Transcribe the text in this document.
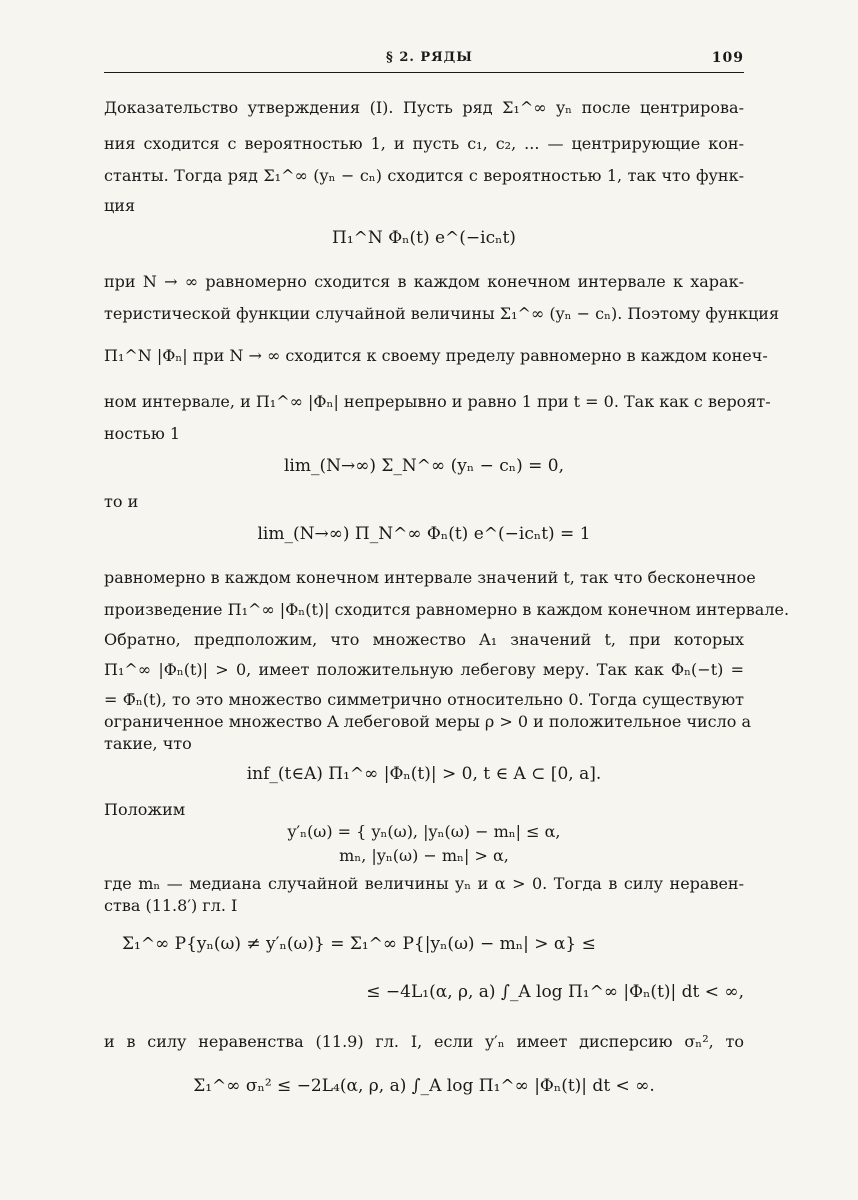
§ 2. РЯДЫ	109
Доказательство утверждения (I). Пусть ряд Σ₁^∞ yₙ после центрирова-
ния сходится с вероятностью 1, и пусть c₁, c₂, ... — центрирующие кон-
станты. Тогда ряд Σ₁^∞ (yₙ − cₙ) сходится с вероятностью 1, так что функ-
ция
Π₁^N Φₙ(t) e^(−icₙt)
при N → ∞ равномерно сходится в каждом конечном интервале к харак-
теристической функции случайной величины Σ₁^∞ (yₙ − cₙ). Поэтому функция
Π₁^N |Φₙ| при N → ∞ сходится к своему пределу равномерно в каждом конеч-
ном интервале, и Π₁^∞ |Φₙ| непрерывно и равно 1 при t = 0. Так как с вероят-
ностью 1
lim_(N→∞) Σ_N^∞ (yₙ − cₙ) = 0,
то и
lim_(N→∞) Π_N^∞ Φₙ(t) e^(−icₙt) = 1
равномерно в каждом конечном интервале значений t, так что бесконечное
произведение Π₁^∞ |Φₙ(t)| сходится равномерно в каждом конечном интервале.
Обратно, предположим, что множество A₁ значений t, при которых
Π₁^∞ |Φₙ(t)| > 0, имеет положительную лебегову меру. Так как Φₙ(−t) =
= Φ̄ₙ(t), то это множество симметрично относительно 0. Тогда существуют
ограниченное множество A лебеговой меры ρ > 0 и положительное число a
такие, что
inf_(t∈A) Π₁^∞ |Φₙ(t)| > 0, t ∈ A ⊂ [0, a].
Положим
y′ₙ(ω) = { yₙ(ω), |yₙ(ω) − mₙ| ≤ α,
mₙ, |yₙ(ω) − mₙ| > α,
где mₙ — медиана случайной величины yₙ и α > 0. Тогда в силу неравен-
ства (11.8′) гл. I
Σ₁^∞ P{yₙ(ω) ≠ y′ₙ(ω)} = Σ₁^∞ P{|yₙ(ω) − mₙ| > α} ≤
≤ −4L₁(α, ρ, a) ∫_A log Π₁^∞ |Φₙ(t)| dt < ∞,
и в силу неравенства (11.9) гл. I, если y′ₙ имеет дисперсию σₙ², то
Σ₁^∞ σₙ² ≤ −2L₄(α, ρ, a) ∫_A log Π₁^∞ |Φₙ(t)| dt < ∞.
